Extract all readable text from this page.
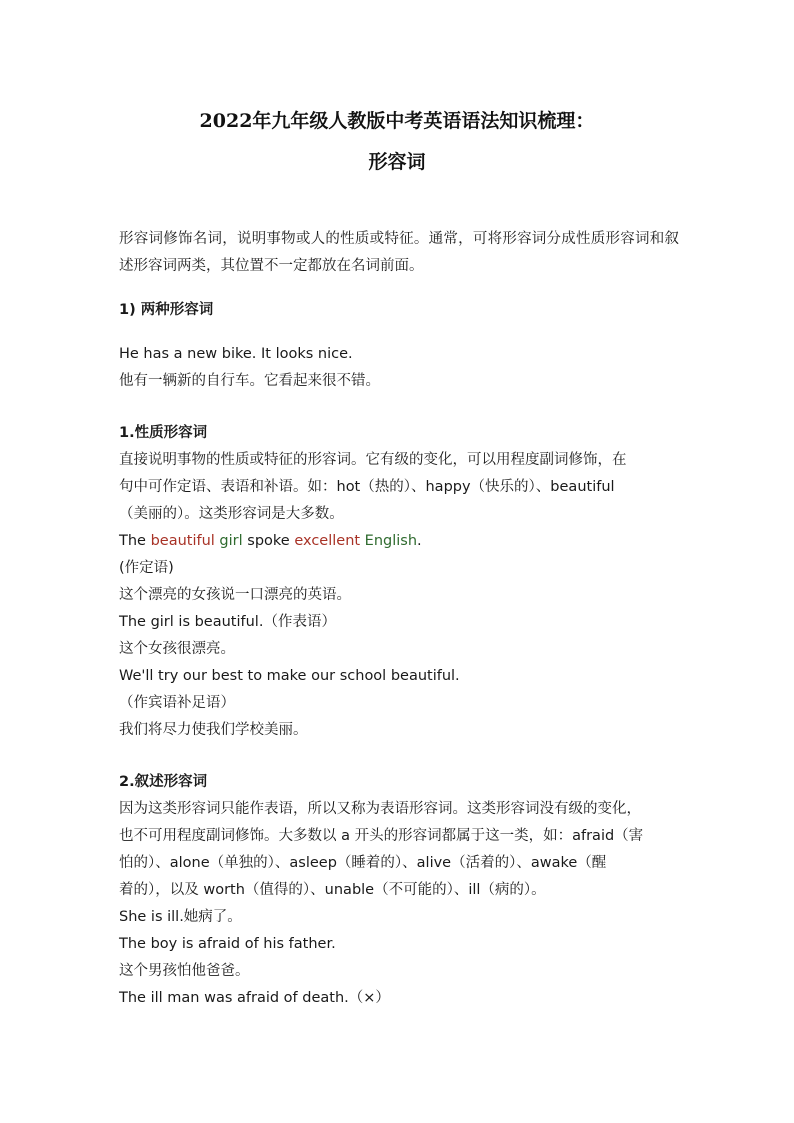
2022年九年级人教版中考英语语法知识梳理：
形容词

形容词修饰名词，说明事物或人的性质或特征。通常，可将形容词分成性质形容词和叙述形容词两类，其位置不一定都放在名词前面。

1) 两种形容词

He has a new bike. It looks nice.

他有一辆新的自行车。它看起来很不错。

1.性质形容词

直接说明事物的性质或特征的形容词。它有级的变化，可以用程度副词修饰，在

句中可作定语、表语和补语。如：hot（热的）、happy（快乐的）、beautiful

（美丽的）。这类形容词是大多数。

The beautiful girl spoke excellent English.

(作定语)

这个漂亮的女孩说一口漂亮的英语。

The girl is beautiful.（作表语）

这个女孩很漂亮。

We'll try our best to make our school beautiful.

（作宾语补足语）

我们将尽力使我们学校美丽。

2.叙述形容词

因为这类形容词只能作表语，所以又称为表语形容词。这类形容词没有级的变化，

也不可用程度副词修饰。大多数以 a 开头的形容词都属于这一类，如：afraid（害

怕的）、alone（单独的）、asleep（睡着的）、alive（活着的）、awake（醒

着的），以及 worth（值得的）、unable（不可能的）、ill（病的）。

She is ill.她病了。

The boy is afraid of his father.

这个男孩怕他爸爸。

The ill man was afraid of death.（×）
